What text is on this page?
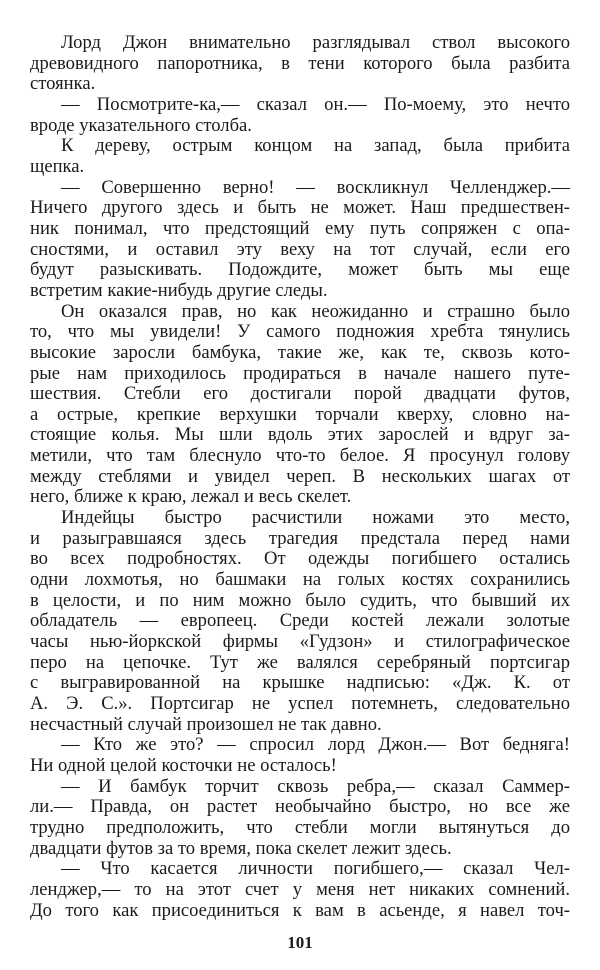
Лорд Джон внимательно разглядывал ствол высокого
древовидного папоротника, в тени которого была разбита
стоянка.
— Посмотрите-ка,— сказал он.— По-моему, это нечто
вроде указательного столба.
К дереву, острым концом на запад, была прибита
щепка.
— Совершенно верно! — воскликнул Челленджер.—
Ничего другого здесь и быть не может. Наш предшествен-
ник понимал, что предстоящий ему путь сопряжен с опа-
сностями, и оставил эту веху на тот случай, если его
будут разыскивать. Подождите, может быть мы еще
встретим какие-нибудь другие следы.
Он оказался прав, но как неожиданно и страшно было
то, что мы увидели! У самого подножия хребта тянулись
высокие заросли бамбука, такие же, как те, сквозь кото-
рые нам приходилось продираться в начале нашего путе-
шествия. Стебли его достигали порой двадцати футов,
а острые, крепкие верхушки торчали кверху, словно на-
стоящие колья. Мы шли вдоль этих зарослей и вдруг за-
метили, что там блеснуло что-то белое. Я просунул голову
между стеблями и увидел череп. В нескольких шагах от
него, ближе к краю, лежал и весь скелет.
Индейцы быстро расчистили ножами это место,
и разыгравшаяся здесь трагедия предстала перед нами
во всех подробностях. От одежды погибшего остались
одни лохмотья, но башмаки на голых костях сохранились
в целости, и по ним можно было судить, что бывший их
обладатель — европеец. Среди костей лежали золотые
часы нью-йоркской фирмы «Гудзон» и стилографическое
перо на цепочке. Тут же валялся серебряный портсигар
с выгравированной на крышке надписью: «Дж. К. от
А. Э. С.». Портсигар не успел потемнеть, следовательно
несчастный случай произошел не так давно.
— Кто же это? — спросил лорд Джон.— Вот бедняга!
Ни одной целой косточки не осталось!
— И бамбук торчит сквозь ребра,— сказал Саммер-
ли.— Правда, он растет необычайно быстро, но все же
трудно предположить, что стебли могли вытянуться до
двадцати футов за то время, пока скелет лежит здесь.
— Что касается личности погибшего,— сказал Чел-
ленджер,— то на этот счет у меня нет никаких сомнений.
До того как присоединиться к вам в асьенде, я навел точ-
101
